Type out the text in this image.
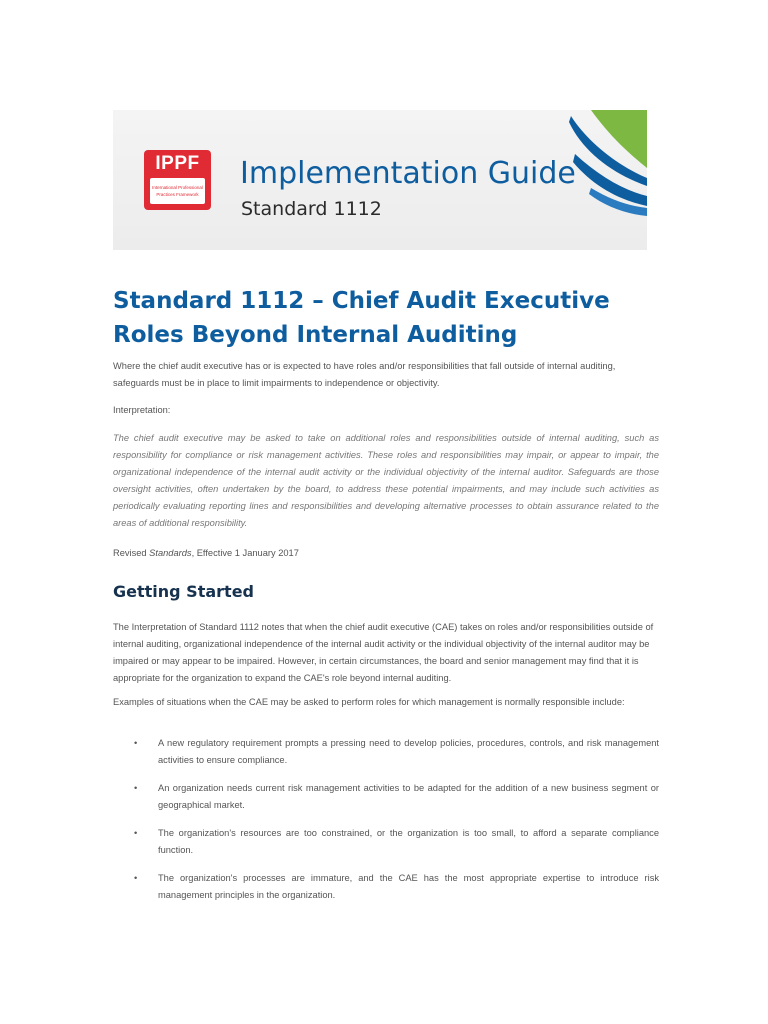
IPPF
International Professional
Practices Framework
Implementation Guide
Standard 1112
Standard 1112 – Chief Audit Executive Roles Beyond Internal Auditing

Where the chief audit executive has or is expected to have roles and/or responsibilities that fall outside of internal auditing, safeguards must be in place to limit impairments to independence or objectivity.

Interpretation:

The chief audit executive may be asked to take on additional roles and responsibilities outside of internal auditing, such as responsibility for compliance or risk management activities. These roles and responsibilities may impair, or appear to impair, the organizational independence of the internal audit activity or the individual objectivity of the internal auditor. Safeguards are those oversight activities, often undertaken by the board, to address these potential impairments, and may include such activities as periodically evaluating reporting lines and responsibilities and developing alternative processes to obtain assurance related to the areas of additional responsibility.

Revised Standards, Effective 1 January 2017

Getting Started

The Interpretation of Standard 1112 notes that when the chief audit executive (CAE) takes on roles and/or responsibilities outside of internal auditing, organizational independence of the internal audit activity or the individual objectivity of the internal auditor may be impaired or may appear to be impaired. However, in certain circumstances, the board and senior management may find that it is appropriate for the organization to expand the CAE's role beyond internal auditing.

Examples of situations when the CAE may be asked to perform roles for which management is normally responsible include:

• A new regulatory requirement prompts a pressing need to develop policies, procedures, controls, and risk management activities to ensure compliance.
• An organization needs current risk management activities to be adapted for the addition of a new business segment or geographical market.
• The organization's resources are too constrained, or the organization is too small, to afford a separate compliance function.
• The organization's processes are immature, and the CAE has the most appropriate expertise to introduce risk management principles in the organization.
